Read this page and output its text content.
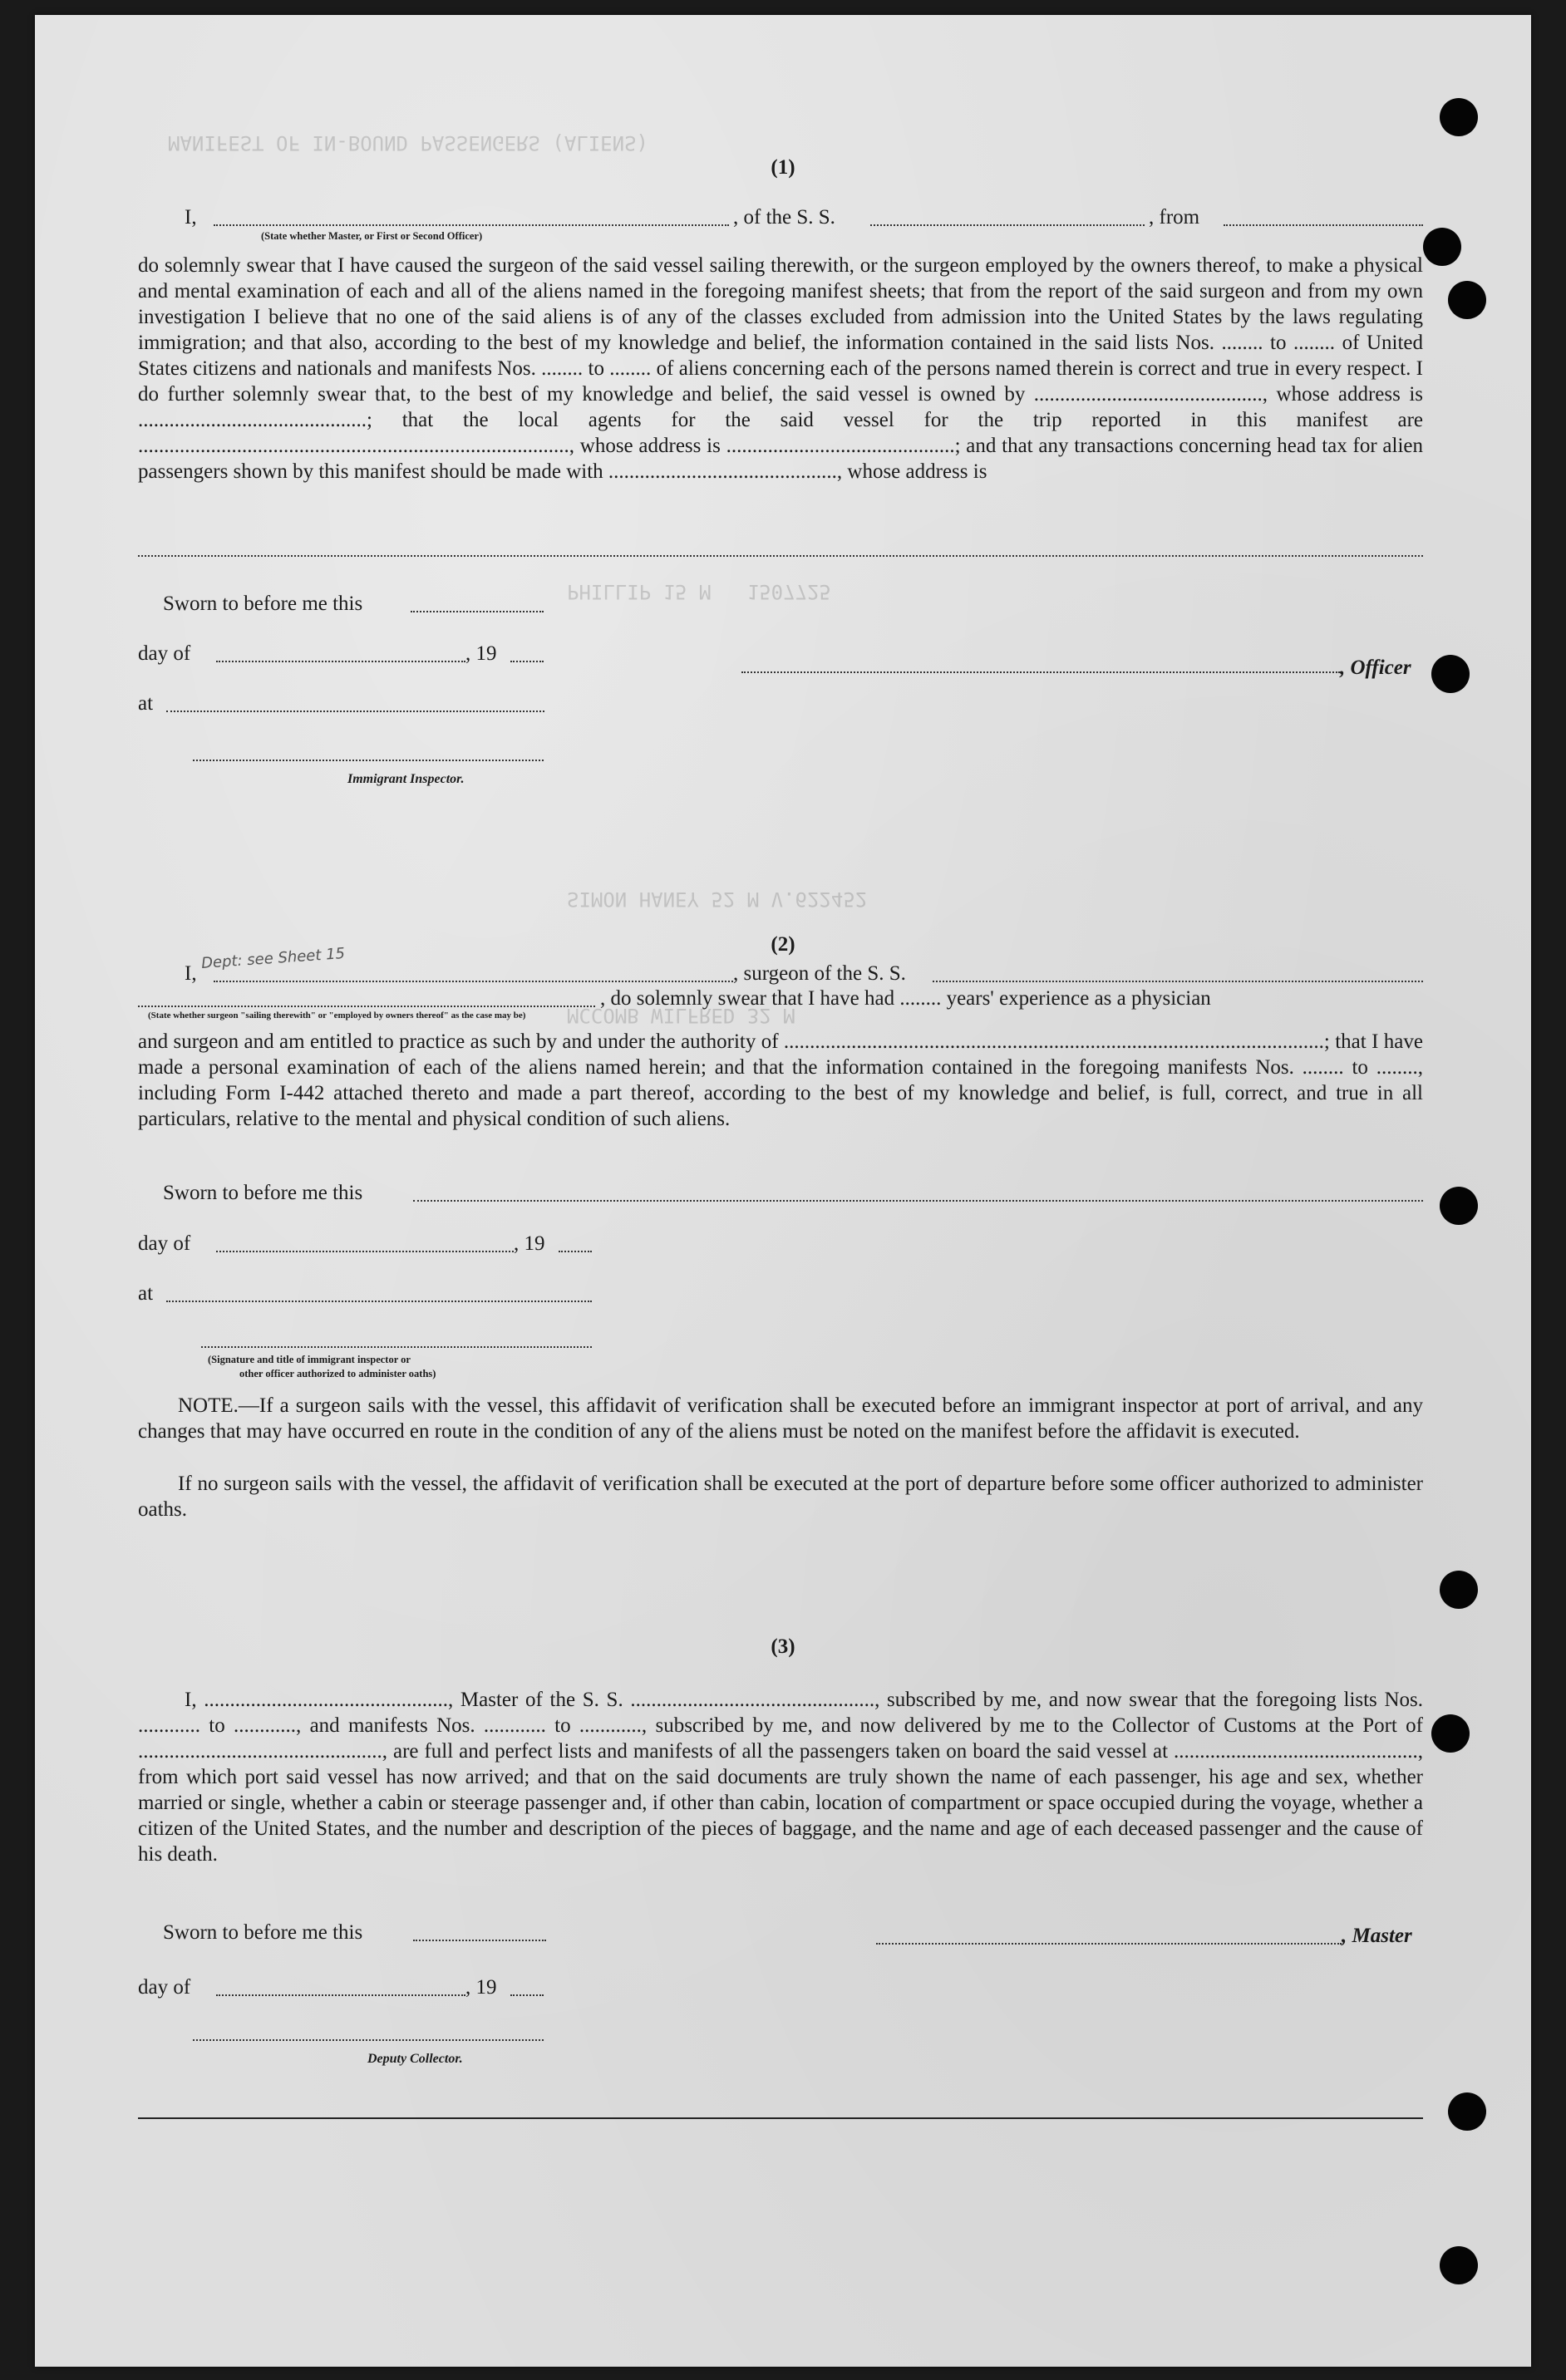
MANIFEST OF IN-BOUND PASSENGERS (ALIENS)
PHILLIP 15 M   1507725
SIMON HANEY 52 M V.622452
MCCOMB WILFRED 32 M
(1)
I,	, of the S. S.	, from
(State whether Master, or First or Second Officer)
do solemnly swear that I have caused the surgeon of the said vessel sailing therewith, or the surgeon employed by the owners thereof, to make a physical and mental examination of each and all of the aliens named in the foregoing manifest sheets; that from the report of the said surgeon and from my own investigation I believe that no one of the said aliens is of any of the classes excluded from admission into the United States by the laws regulating immigration; and that also, according to the best of my knowledge and belief, the information contained in the said lists Nos. ........ to ........ of United States citizens and nationals and manifests Nos. ........ to ........ of aliens concerning each of the persons named therein is correct and true in every respect. I do further solemnly swear that, to the best of my knowledge and belief, the said vessel is owned by ............................................, whose address is ............................................; that the local agents for the said vessel for the trip reported in this manifest are ..................................................................................., whose address is ............................................; and that any transactions concerning head tax for alien passengers shown by this manifest should be made with ............................................, whose address is
Sworn to before me this
day of	, 19
, Officer
at
Immigrant Inspector.
(2)
Dept: see Sheet 15
I,	, surgeon of the S. S.
, do solemnly swear that I have had ........ years' experience as a physician
(State whether surgeon "sailing therewith" or "employed by owners thereof" as the case may be)
and surgeon and am entitled to practice as such by and under the authority of ........................................................................................................; that I have made a personal examination of each of the aliens named herein; and that the information contained in the foregoing manifests Nos. ........ to ........, including Form I-442 attached thereto and made a part thereof, according to the best of my knowledge and belief, is full, correct, and true in all particulars, relative to the mental and physical condition of such aliens.
Sworn to before me this
day of	, 19
at
(Signature and title of immigrant inspector or
other officer authorized to administer oaths)
NOTE.—If a surgeon sails with the vessel, this affidavit of verification shall be executed before an immigrant inspector at port of arrival, and any changes that may have occurred en route in the condition of any of the aliens must be noted on the manifest before the affidavit is executed.
If no surgeon sails with the vessel, the affidavit of verification shall be executed at the port of departure before some officer authorized to administer oaths.
(3)
I, ..............................................., Master of the S. S. ..............................................., subscribed by me, and now swear that the foregoing lists Nos. ............ to ............, and manifests Nos. ............ to ............, subscribed by me, and now delivered by me to the Collector of Customs at the Port of ..............................................., are full and perfect lists and manifests of all the passengers taken on board the said vessel at ..............................................., from which port said vessel has now arrived; and that on the said documents are truly shown the name of each passenger, his age and sex, whether married or single, whether a cabin or steerage passenger and, if other than cabin, location of compartment or space occupied during the voyage, whether a citizen of the United States, and the number and description of the pieces of baggage, and the name and age of each deceased passenger and the cause of his death.
Sworn to before me this	, Master
day of	, 19
Deputy Collector.
